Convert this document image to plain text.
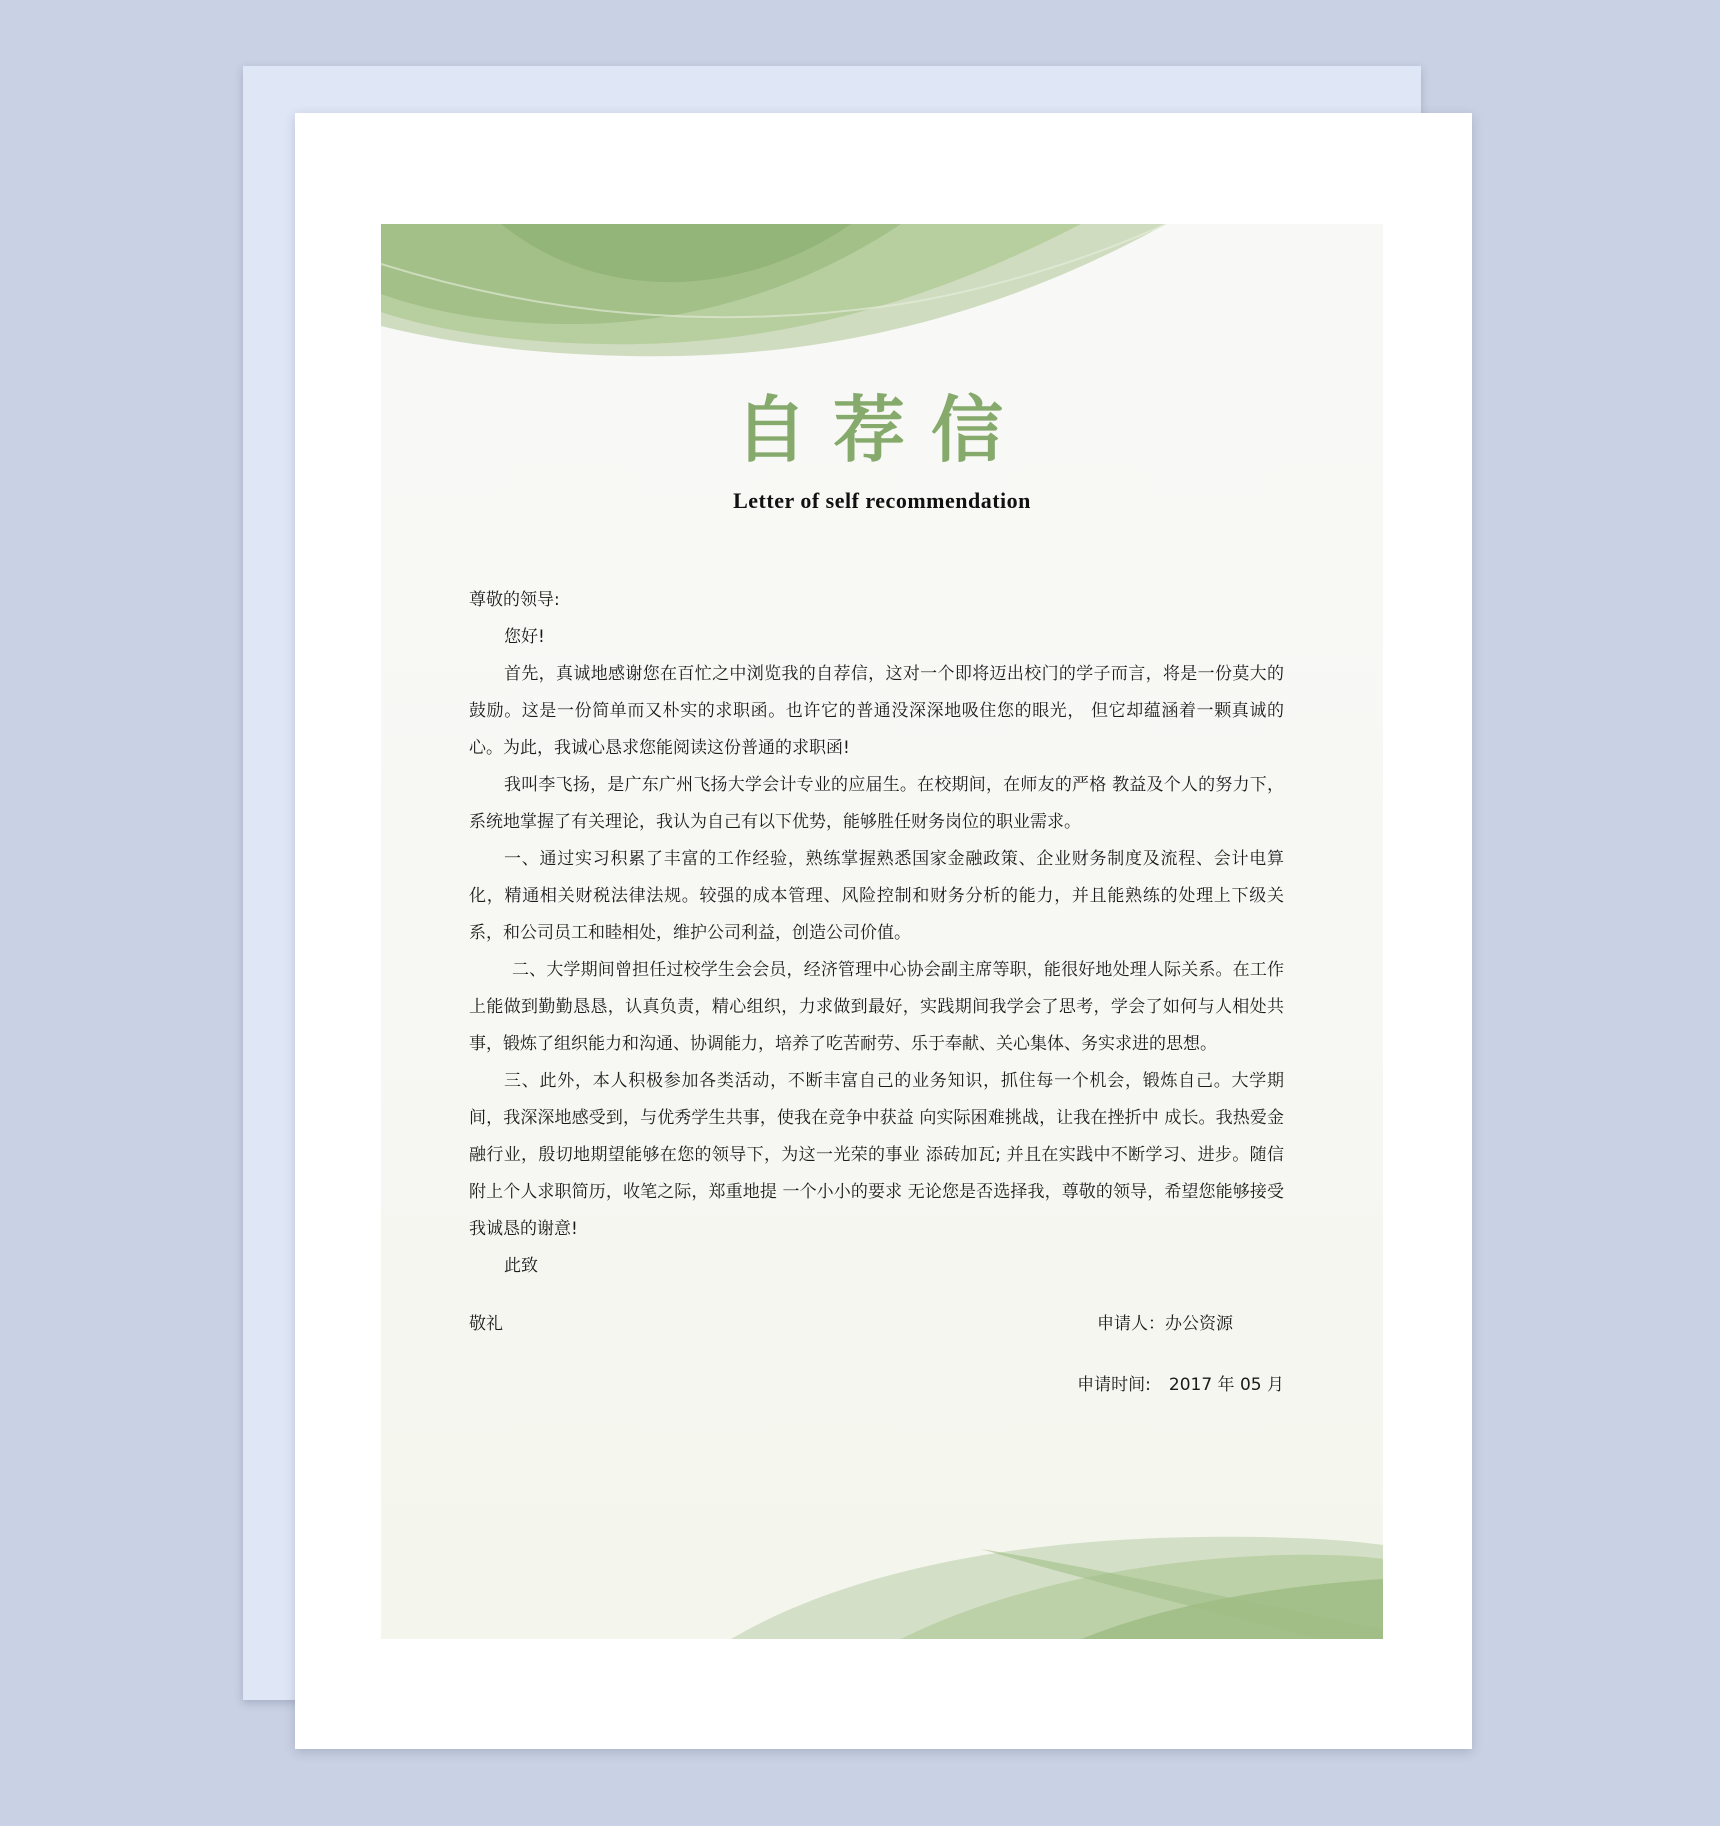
自荐信
Letter of self recommendation

尊敬的领导:

您好!

首先，真诚地感谢您在百忙之中浏览我的自荐信，这对一个即将迈出校门的学子而言，将是一份莫大的鼓励。这是一份简单而又朴实的求职函。也许它的普通没深深地吸住您的眼光， 但它却蕴涵着一颗真诚的心。为此，我诚心恳求您能阅读这份普通的求职函!

我叫李飞扬，是广东广州飞扬大学会计专业的应届生。在校期间，在师友的严格 教益及个人的努力下，系统地掌握了有关理论，我认为自己有以下优势，能够胜任财务岗位的职业需求。

一、通过实习积累了丰富的工作经验，熟练掌握熟悉国家金融政策、企业财务制度及流程、会计电算化，精通相关财税法律法规。较强的成本管理、风险控制和财务分析的能力，并且能熟练的处理上下级关系，和公司员工和睦相处，维护公司利益，创造公司价值。

二、大学期间曾担任过校学生会会员，经济管理中心协会副主席等职，能很好地处理人际关系。在工作上能做到勤勤恳恳，认真负责，精心组织，力求做到最好，实践期间我学会了思考，学会了如何与人相处共事，锻炼了组织能力和沟通、协调能力，培养了吃苦耐劳、乐于奉献、关心集体、务实求进的思想。

三、此外，本人积极参加各类活动，不断丰富自己的业务知识，抓住每一个机会，锻炼自己。大学期间，我深深地感受到，与优秀学生共事，使我在竞争中获益 向实际困难挑战，让我在挫折中 成长。我热爱金融行业，殷切地期望能够在您的领导下，为这一光荣的事业 添砖加瓦; 并且在实践中不断学习、进步。随信附上个人求职简历，收笔之际，郑重地提 一个小小的要求 无论您是否选择我，尊敬的领导，希望您能够接受我诚恳的谢意!

此致

敬礼	申请人：办公资源
申请时间: 2017 年 05 月
